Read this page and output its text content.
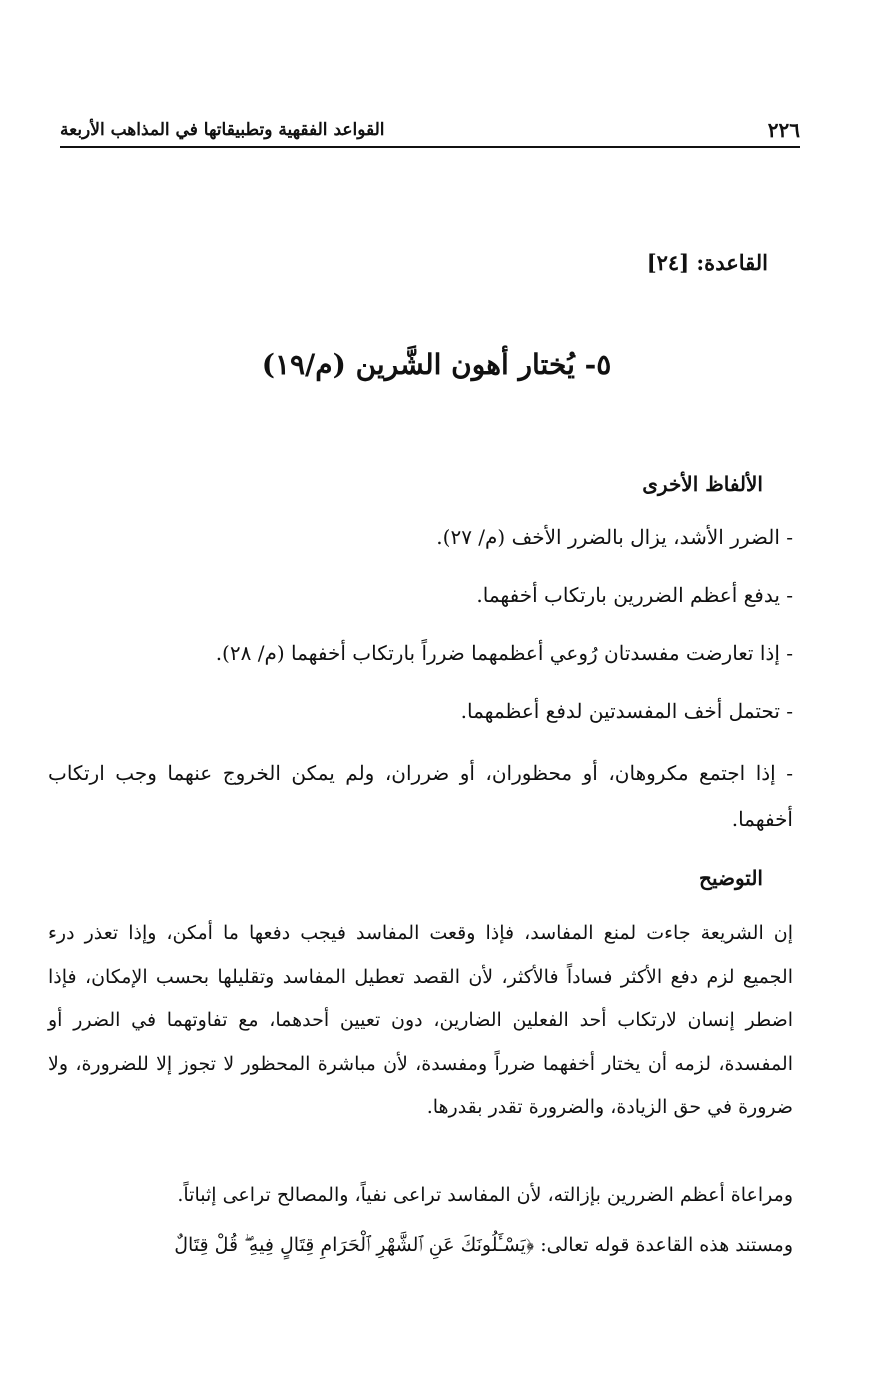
٢٢٦
القواعد الفقهية وتطبيقاتها في المذاهب الأربعة
القاعدة: [٢٤]
٥- يُختار أهون الشَّرين (م/١٩)
الألفاظ الأخرى
- الضرر الأشد، يزال بالضرر الأخف (م/ ٢٧).
- يدفع أعظم الضررين بارتكاب أخفهما.
- إذا تعارضت مفسدتان رُوعي أعظمهما ضرراً بارتكاب أخفهما (م/ ٢٨).
- تحتمل أخف المفسدتين لدفع أعظمهما.
- إذا اجتمع مكروهان، أو محظوران، أو ضرران، ولم يمكن الخروج عنهما وجب ارتكاب أخفهما.
التوضيح

إن الشريعة جاءت لمنع المفاسد، فإذا وقعت المفاسد فيجب دفعها ما أمكن، وإذا تعذر درء الجميع لزم دفع الأكثر فساداً فالأكثر، لأن القصد تعطيل المفاسد وتقليلها بحسب الإمكان، فإذا اضطر إنسان لارتكاب أحد الفعلين الضارين، دون تعيين أحدهما، مع تفاوتهما في الضرر أو المفسدة، لزمه أن يختار أخفهما ضرراً ومفسدة، لأن مباشرة المحظور لا تجوز إلا للضرورة، ولا ضرورة في حق الزيادة، والضرورة تقدر بقدرها.

ومراعاة أعظم الضررين بإزالته، لأن المفاسد تراعى نفياً، والمصالح تراعى إثباتاً.

ومستند هذه القاعدة قوله تعالى: ﴿يَسْـَٔلُونَكَ عَنِ ٱلشَّهْرِ ٱلْحَرَامِ قِتَالٍ فِيهِ ۖ قُلْ قِتَالٌ
